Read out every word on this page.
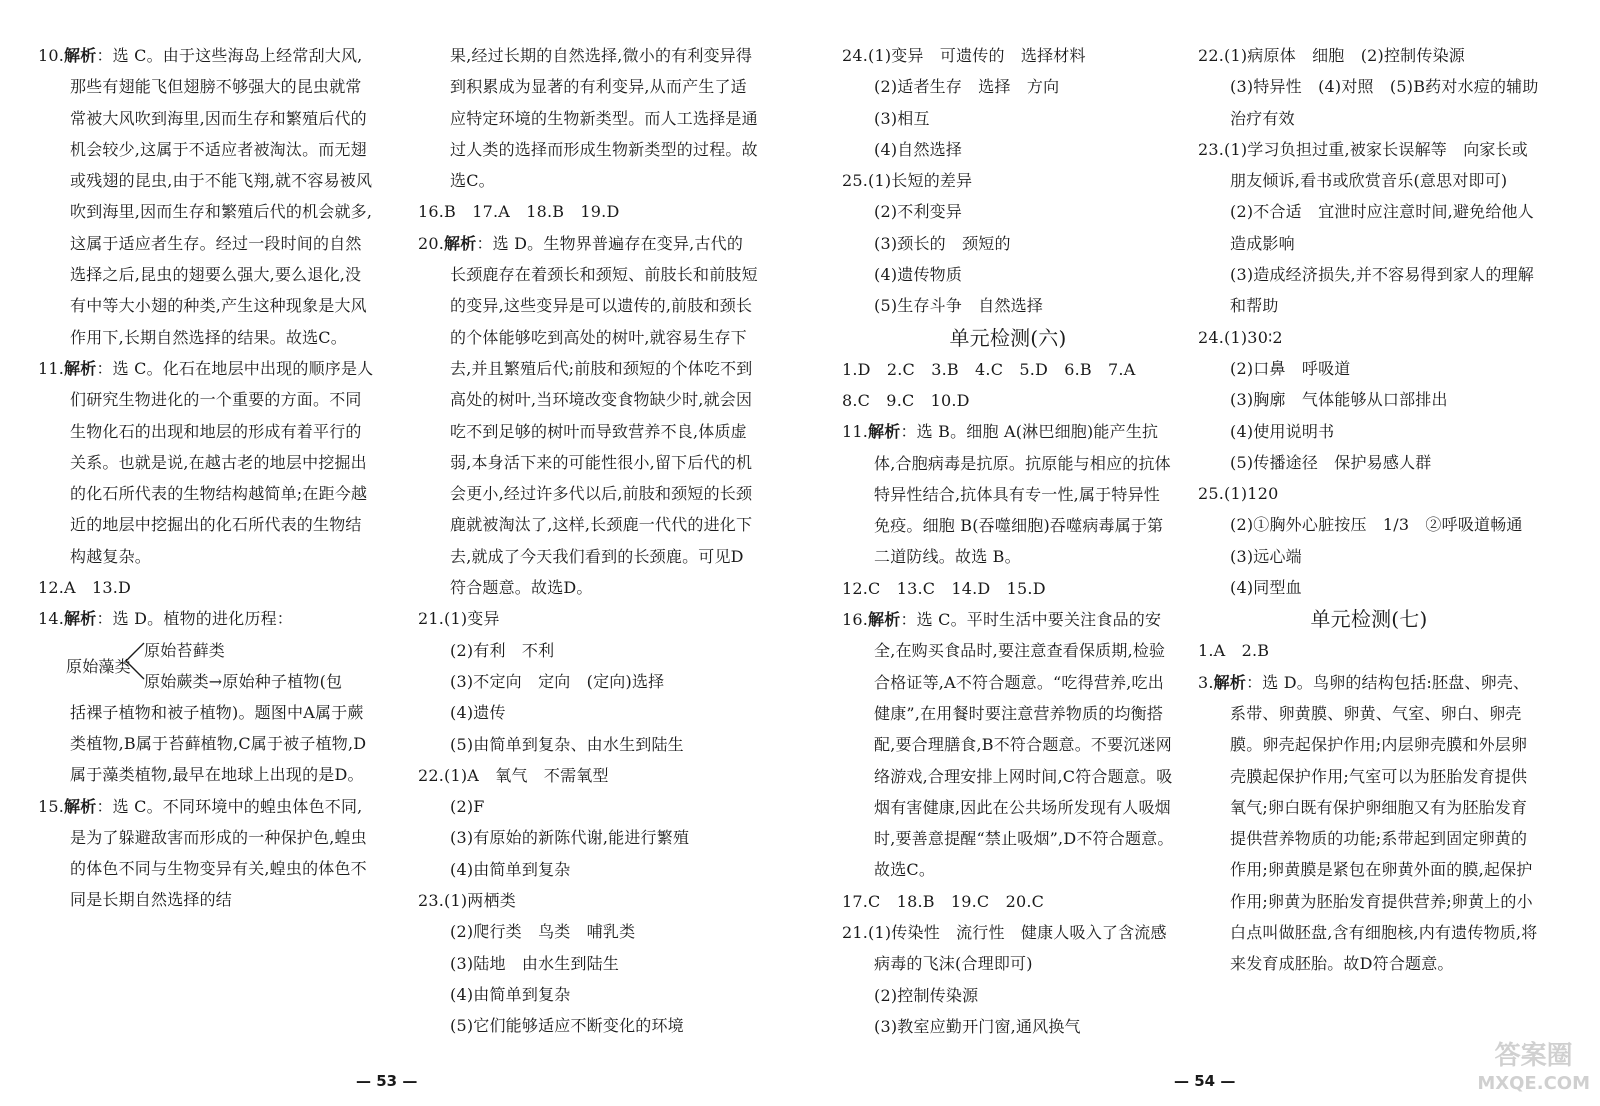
10.解析：选 C。由于这些海岛上经常刮大风,那些有翅能飞但翅膀不够强大的昆虫就常常被大风吹到海里,因而生存和繁殖后代的机会较少,这属于不适应者被淘汰。而无翅或残翅的昆虫,由于不能飞翔,就不容易被风吹到海里,因而生存和繁殖后代的机会就多,这属于适应者生存。经过一段时间的自然选择之后,昆虫的翅要么强大,要么退化,没有中等大小翅的种类,产生这种现象是大风作用下,长期自然选择的结果。故选C。

11.解析：选 C。化石在地层中出现的顺序是人们研究生物进化的一个重要的方面。不同生物化石的出现和地层的形成有着平行的关系。也就是说,在越古老的地层中挖掘出的化石所代表的生物结构越简单;在距今越近的地层中挖掘出的化石所代表的生物结构越复杂。

12.A　13.D

14.解析：选 D。植物的进化历程：

原始藻类
原始苔藓类
原始蕨类→原始种子植物(包

括裸子植物和被子植物)。题图中A属于蕨类植物,B属于苔藓植物,C属于被子植物,D属于藻类植物,最早在地球上出现的是D。

15.解析：选 C。不同环境中的蝗虫体色不同,是为了躲避敌害而形成的一种保护色,蝗虫的体色不同与生物变异有关,蝗虫的体色不同是长期自然选择的结

果,经过长期的自然选择,微小的有利变异得到积累成为显著的有利变异,从而产生了适应特定环境的生物新类型。而人工选择是通过人类的选择而形成生物新类型的过程。故选C。

16.B　17.A　18.B　19.D

20.解析：选 D。生物界普遍存在变异,古代的长颈鹿存在着颈长和颈短、前肢长和前肢短的变异,这些变异是可以遗传的,前肢和颈长的个体能够吃到高处的树叶,就容易生存下去,并且繁殖后代;前肢和颈短的个体吃不到高处的树叶,当环境改变食物缺少时,就会因吃不到足够的树叶而导致营养不良,体质虚弱,本身活下来的可能性很小,留下后代的机会更小,经过许多代以后,前肢和颈短的长颈鹿就被淘汰了,这样,长颈鹿一代代的进化下去,就成了今天我们看到的长颈鹿。可见D符合题意。故选D。

21.(1)变异

(2)有利　不利

(3)不定向　定向　(定向)选择

(4)遗传

(5)由简单到复杂、由水生到陆生

22.(1)A　氧气　不需氧型

(2)F

(3)有原始的新陈代谢,能进行繁殖

(4)由简单到复杂

23.(1)两栖类

(2)爬行类　鸟类　哺乳类

(3)陆地　由水生到陆生

(4)由简单到复杂

(5)它们能够适应不断变化的环境

— 53 —

24.(1)变异　可遗传的　选择材料

(2)适者生存　选择　方向

(3)相互

(4)自然选择

25.(1)长短的差异

(2)不利变异

(3)颈长的　颈短的

(4)遗传物质

(5)生存斗争　自然选择

单元检测(六)

1.D　2.C　3.B　4.C　5.D　6.B　7.A

8.C　9.C　10.D

11.解析：选 B。细胞 A(淋巴细胞)能产生抗体,合胞病毒是抗原。抗原能与相应的抗体特异性结合,抗体具有专一性,属于特异性免疫。细胞 B(吞噬细胞)吞噬病毒属于第二道防线。故选 B。

12.C　13.C　14.D　15.D

16.解析：选 C。平时生活中要关注食品的安全,在购买食品时,要注意查看保质期,检验合格证等,A不符合题意。“吃得营养,吃出健康”,在用餐时要注意营养物质的均衡搭配,要合理膳食,B不符合题意。不要沉迷网络游戏,合理安排上网时间,C符合题意。吸烟有害健康,因此在公共场所发现有人吸烟时,要善意提醒“禁止吸烟”,D不符合题意。故选C。

17.C　18.B　19.C　20.C

21.(1)传染性　流行性　健康人吸入了含流感病毒的飞沫(合理即可)

(2)控制传染源

(3)教室应勤开门窗,通风换气

22.(1)病原体　细胞　(2)控制传染源

(3)特异性　(4)对照　(5)B药对水痘的辅助治疗有效

23.(1)学习负担过重,被家长误解等　向家长或朋友倾诉,看书或欣赏音乐(意思对即可)

(2)不合适　宜泄时应注意时间,避免给他人造成影响

(3)造成经济损失,并不容易得到家人的理解和帮助

24.(1)30∶2

(2)口鼻　呼吸道

(3)胸廓　气体能够从口部排出

(4)使用说明书

(5)传播途径　保护易感人群

25.(1)120

(2)①胸外心脏按压　1/3　②呼吸道畅通

(3)远心端

(4)同型血

单元检测(七)

1.A　2.B

3.解析：选 D。鸟卵的结构包括:胚盘、卵壳、系带、卵黄膜、卵黄、气室、卵白、卵壳膜。卵壳起保护作用;内层卵壳膜和外层卵壳膜起保护作用;气室可以为胚胎发育提供氧气;卵白既有保护卵细胞又有为胚胎发育提供营养物质的功能;系带起到固定卵黄的作用;卵黄膜是紧包在卵黄外面的膜,起保护作用;卵黄为胚胎发育提供营养;卵黄上的小白点叫做胚盘,含有细胞核,内有遗传物质,将来发育成胚胎。故D符合题意。

— 54 —
答案圈
MXQE.COM
